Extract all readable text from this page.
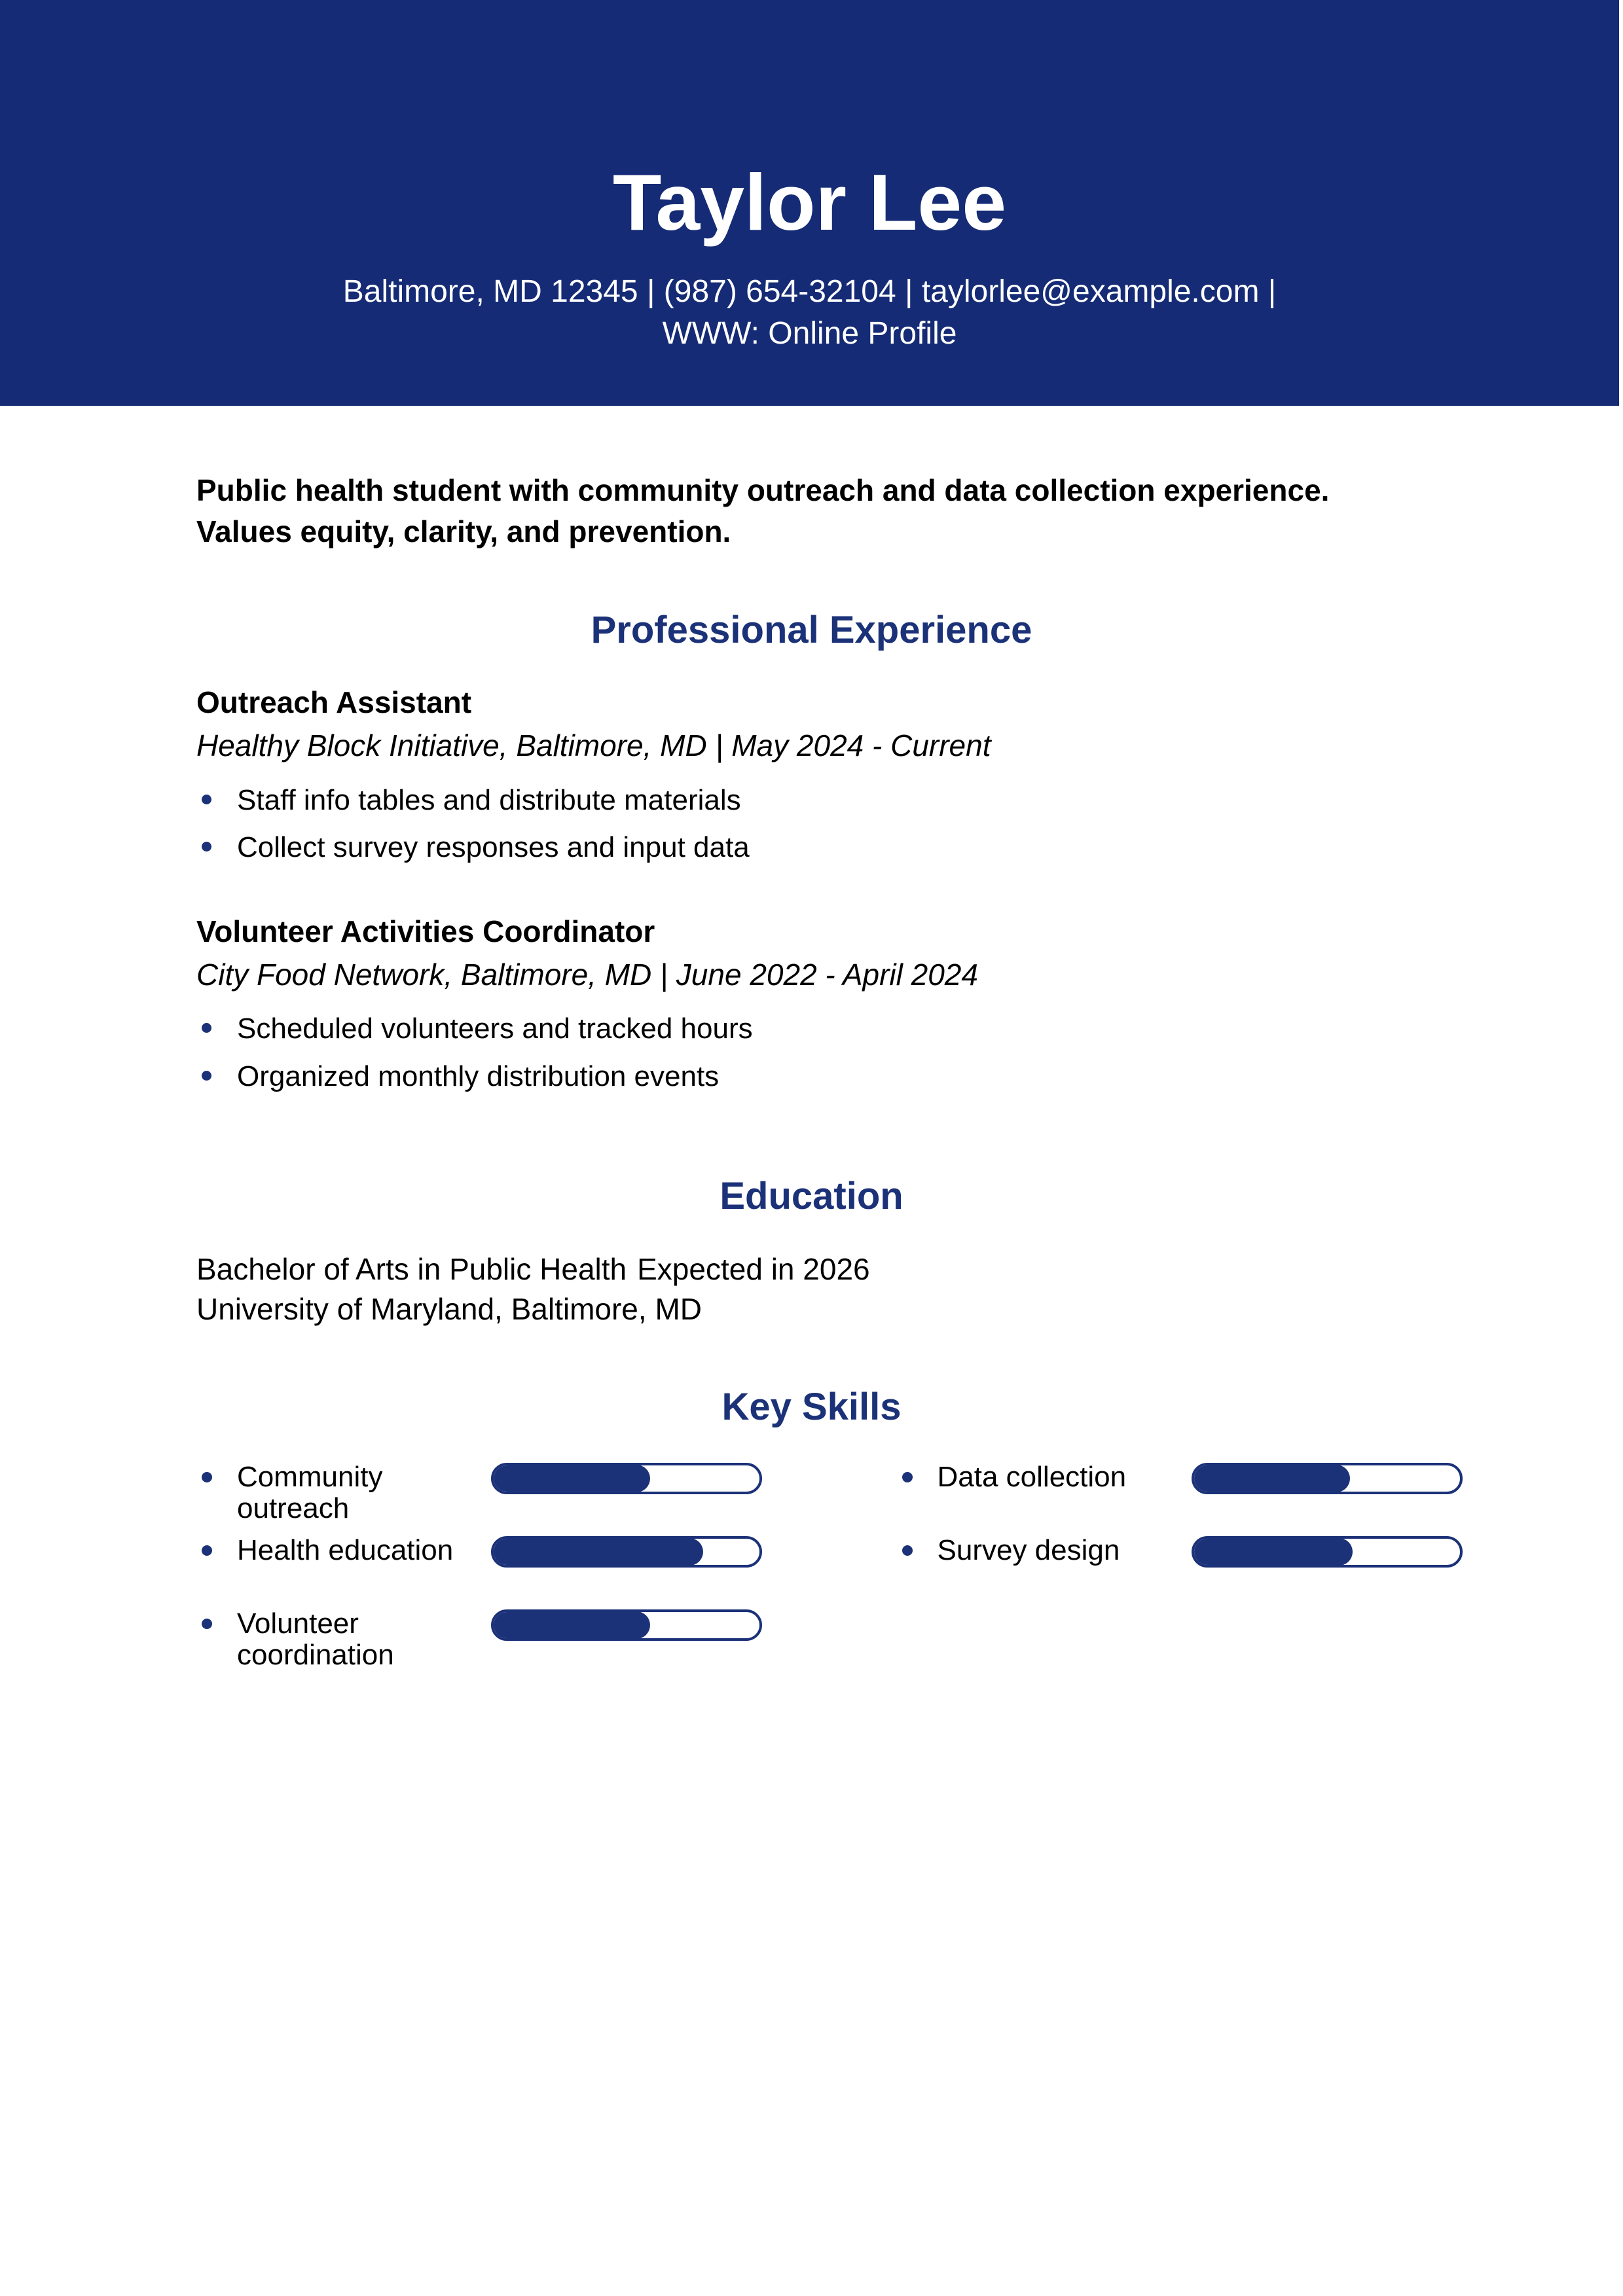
Taylor Lee
Baltimore, MD 12345 | (987) 654-32104 | taylorlee@example.com |
WWW: Online Profile
Public health student with community outreach and data collection experience. Values equity, clarity, and prevention.
Professional Experience
Outreach Assistant
Healthy Block Initiative, Baltimore, MD | May 2024 - Current
Staff info tables and distribute materials
Collect survey responses and input data
Volunteer Activities Coordinator
City Food Network, Baltimore, MD | June 2022 - April 2024
Scheduled volunteers and tracked hours
Organized monthly distribution events
Education
Bachelor of Arts in Public Health Expected in 2026
University of Maryland, Baltimore, MD
Key Skills
Community outreach
Health education
Volunteer coordination
Data collection
Survey design
